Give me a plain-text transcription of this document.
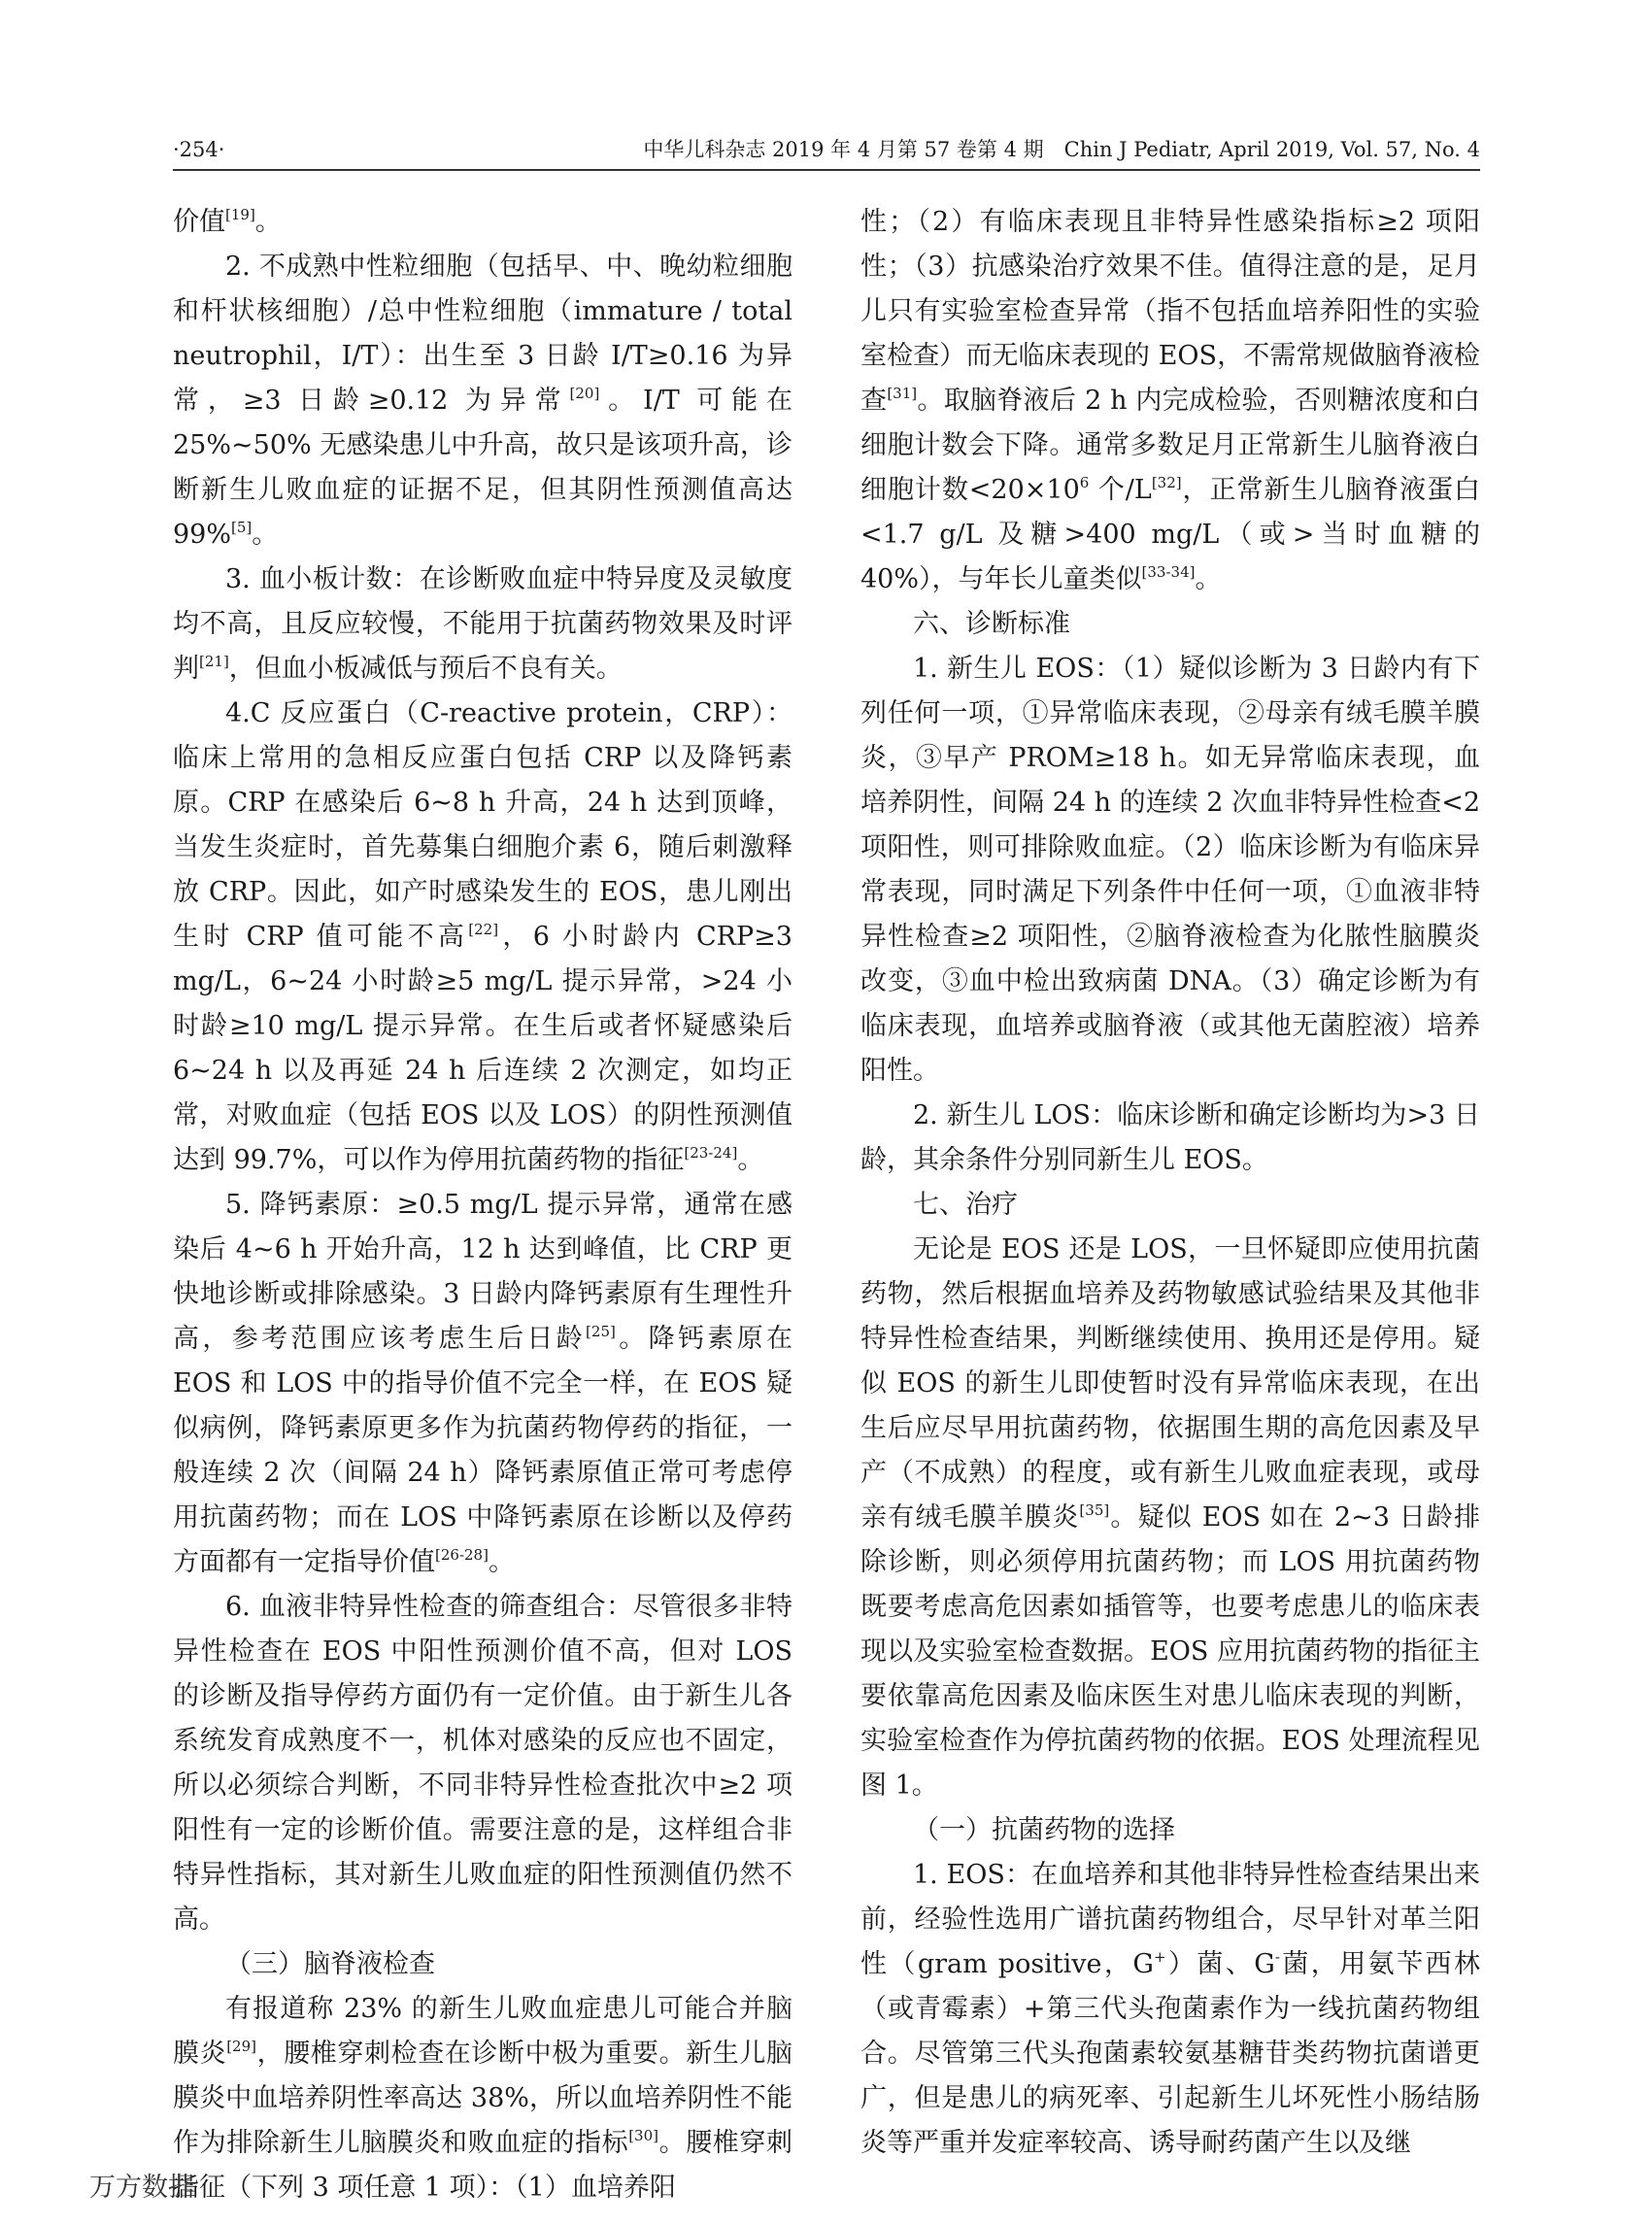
·254·	中华儿科杂志 2019 年 4 月第 57 卷第 4 期　Chin J Pediatr, April 2019, Vol. 57, No. 4

价值[19]。

2. 不成熟中性粒细胞（包括早、中、晚幼粒细胞和杆状核细胞）/总中性粒细胞（immature / total neutrophil，I/T）：出生至 3 日龄 I/T≥0.16 为异常，≥3 日龄≥0.12 为异常[20]。I/T 可能在 25%~50% 无感染患儿中升高，故只是该项升高，诊断新生儿败血症的证据不足，但其阴性预测值高达 99%[5]。

3. 血小板计数：在诊断败血症中特异度及灵敏度均不高，且反应较慢，不能用于抗菌药物效果及时评判[21]，但血小板减低与预后不良有关。

4.C 反应蛋白（C-reactive protein，CRP）：临床上常用的急相反应蛋白包括 CRP 以及降钙素原。CRP 在感染后 6~8 h 升高，24 h 达到顶峰，当发生炎症时，首先募集白细胞介素 6，随后刺激释放 CRP。因此，如产时感染发生的 EOS，患儿刚出生时 CRP 值可能不高[22]，6 小时龄内 CRP≥3 mg/L，6~24 小时龄≥5 mg/L 提示异常，>24 小时龄≥10 mg/L 提示异常。在生后或者怀疑感染后 6~24 h 以及再延 24 h 后连续 2 次测定，如均正常，对败血症（包括 EOS 以及 LOS）的阴性预测值达到 99.7%，可以作为停用抗菌药物的指征[23-24]。

5. 降钙素原：≥0.5 mg/L 提示异常，通常在感染后 4~6 h 开始升高，12 h 达到峰值，比 CRP 更快地诊断或排除感染。3 日龄内降钙素原有生理性升高，参考范围应该考虑生后日龄[25]。降钙素原在 EOS 和 LOS 中的指导价值不完全一样，在 EOS 疑似病例，降钙素原更多作为抗菌药物停药的指征，一般连续 2 次（间隔 24 h）降钙素原值正常可考虑停用抗菌药物；而在 LOS 中降钙素原在诊断以及停药方面都有一定指导价值[26-28]。

6. 血液非特异性检查的筛查组合：尽管很多非特异性检查在 EOS 中阳性预测价值不高，但对 LOS 的诊断及指导停药方面仍有一定价值。由于新生儿各系统发育成熟度不一，机体对感染的反应也不固定，所以必须综合判断，不同非特异性检查批次中≥2 项阳性有一定的诊断价值。需要注意的是，这样组合非特异性指标，其对新生儿败血症的阳性预测值仍然不高。

（三）脑脊液检查

有报道称 23% 的新生儿败血症患儿可能合并脑膜炎[29]，腰椎穿刺检查在诊断中极为重要。新生儿脑膜炎中血培养阴性率高达 38%，所以血培养阴性不能作为排除新生儿脑膜炎和败血症的指标[30]。腰椎穿刺指征（下列 3 项任意 1 项）：（1）血培养阳

性；（2）有临床表现且非特异性感染指标≥2 项阳性；（3）抗感染治疗效果不佳。值得注意的是，足月儿只有实验室检查异常（指不包括血培养阳性的实验室检查）而无临床表现的 EOS，不需常规做脑脊液检查[31]。取脑脊液后 2 h 内完成检验，否则糖浓度和白细胞计数会下降。通常多数足月正常新生儿脑脊液白细胞计数$<20\times 10^6$ 个/L[32]，正常新生儿脑脊液蛋白<1.7 g/L 及糖>400 mg/L（或>当时血糖的 40%），与年长儿童类似[33-34]。

六、诊断标准

1. 新生儿 EOS：（1）疑似诊断为 3 日龄内有下列任何一项，①异常临床表现，②母亲有绒毛膜羊膜炎，③早产 PROM≥18 h。如无异常临床表现，血培养阴性，间隔 24 h 的连续 2 次血非特异性检查<2 项阳性，则可排除败血症。（2）临床诊断为有临床异常表现，同时满足下列条件中任何一项，①血液非特异性检查≥2 项阳性，②脑脊液检查为化脓性脑膜炎改变，③血中检出致病菌 DNA。（3）确定诊断为有临床表现，血培养或脑脊液（或其他无菌腔液）培养阳性。

2. 新生儿 LOS：临床诊断和确定诊断均为>3 日龄，其余条件分别同新生儿 EOS。

七、治疗

无论是 EOS 还是 LOS，一旦怀疑即应使用抗菌药物，然后根据血培养及药物敏感试验结果及其他非特异性检查结果，判断继续使用、换用还是停用。疑似 EOS 的新生儿即使暂时没有异常临床表现，在出生后应尽早用抗菌药物，依据围生期的高危因素及早产（不成熟）的程度，或有新生儿败血症表现，或母亲有绒毛膜羊膜炎[35]。疑似 EOS 如在 2~3 日龄排除诊断，则必须停用抗菌药物；而 LOS 用抗菌药物既要考虑高危因素如插管等，也要考虑患儿的临床表现以及实验室检查数据。EOS 应用抗菌药物的指征主要依靠高危因素及临床医生对患儿临床表现的判断，实验室检查作为停抗菌药物的依据。EOS 处理流程见图 1。

（一）抗菌药物的选择

1. EOS：在血培养和其他非特异性检查结果出来前，经验性选用广谱抗菌药物组合，尽早针对革兰阳性（gram positive，G+）菌、G-菌，用氨苄西林（或青霉素）+第三代头孢菌素作为一线抗菌药物组合。尽管第三代头孢菌素较氨基糖苷类药物抗菌谱更广，但是患儿的病死率、引起新生儿坏死性小肠结肠炎等严重并发症率较高、诱导耐药菌产生以及继

万方数据
